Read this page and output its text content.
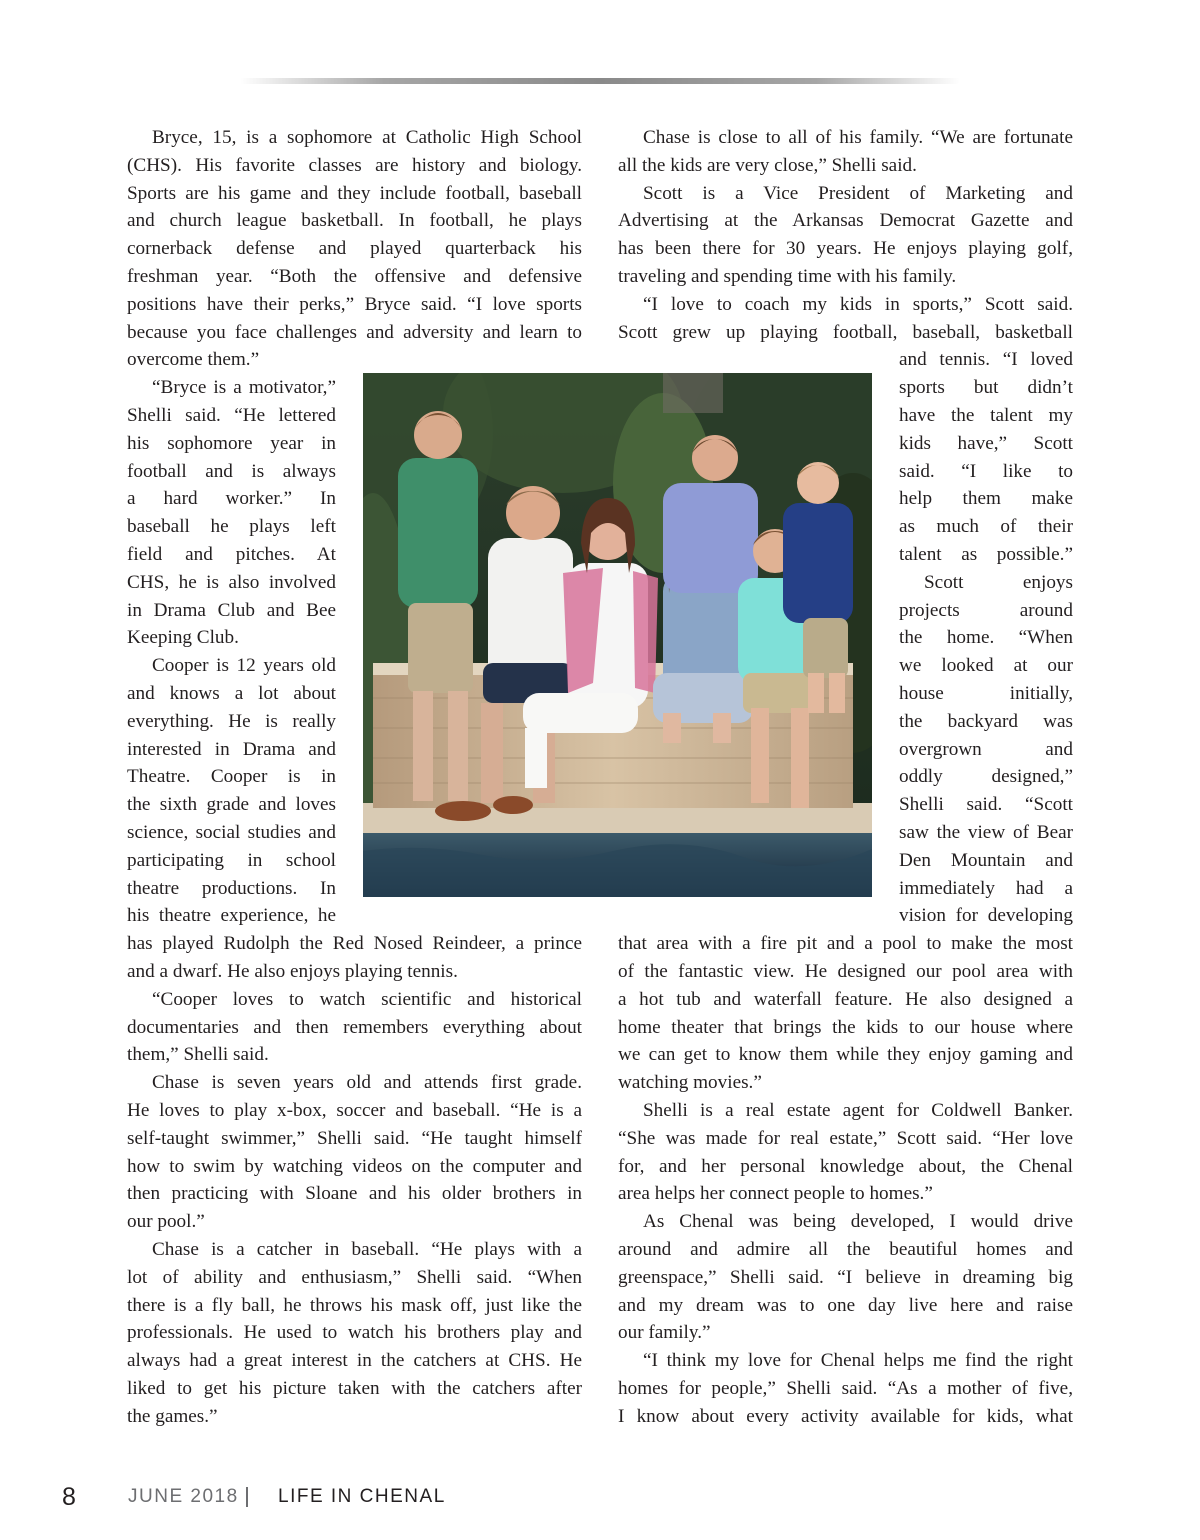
Bryce, 15, is a sophomore at Catholic High School
(CHS). His favorite classes are history and biology.
Sports are his game and they include football, baseball
and church league basketball. In football, he plays
cornerback defense and played quarterback his
freshman year. “Both the offensive and defensive
positions have their perks,” Bryce said. “I love sports
because you face challenges and adversity and learn to
overcome them.”
“Bryce is a motivator,”
Shelli said. “He lettered
his sophomore year in
football and is always
a hard worker.” In
baseball he plays left
field and pitches. At
CHS, he is also involved
in Drama Club and Bee
Keeping Club.
Cooper is 12 years old
and knows a lot about
everything. He is really
interested in Drama and
Theatre. Cooper is in
the sixth grade and loves
science, social studies and
participating in school
theatre productions. In
his theatre experience, he
has played Rudolph the Red Nosed Reindeer, a prince
and a dwarf. He also enjoys playing tennis.
“Cooper loves to watch scientific and historical
documentaries and then remembers everything about
them,” Shelli said.
Chase is seven years old and attends first grade.
He loves to play x-box, soccer and baseball. “He is a
self-taught swimmer,” Shelli said. “He taught himself
how to swim by watching videos on the computer and
then practicing with Sloane and his older brothers in
our pool.”
Chase is a catcher in baseball. “He plays with a
lot of ability and enthusiasm,” Shelli said. “When
there is a fly ball, he throws his mask off, just like the
professionals. He used to watch his brothers play and
always had a great interest in the catchers at CHS. He
liked to get his picture taken with the catchers after
the games.”
Chase is close to all of his family. “We are fortunate
all the kids are very close,” Shelli said.
Scott is a Vice President of Marketing and
Advertising at the Arkansas Democrat Gazette and
has been there for 30 years. He enjoys playing golf,
traveling and spending time with his family.
“I love to coach my kids in sports,” Scott said.
Scott grew up playing football, baseball, basketball
and tennis. “I loved
sports but didn’t
have the talent my
kids have,” Scott
said. “I like to
help them make
as much of their
talent as possible.”
Scott enjoys
projects around
the home. “When
we looked at our
house initially,
the backyard was
overgrown and
oddly designed,”
Shelli said. “Scott
saw the view of Bear
Den Mountain and
immediately had a
vision for developing
that area with a fire pit and a pool to make the most
of the fantastic view. He designed our pool area with
a hot tub and waterfall feature. He also designed a
home theater that brings the kids to our house where
we can get to know them while they enjoy gaming and
watching movies.”
Shelli is a real estate agent for Coldwell Banker.
“She was made for real estate,” Scott said. “Her love
for, and her personal knowledge about, the Chenal
area helps her connect people to homes.”
As Chenal was being developed, I would drive
around and admire all the beautiful homes and
greenspace,” Shelli said. “I believe in dreaming big
and my dream was to one day live here and raise
our family.”
“I think my love for Chenal helps me find the right
homes for people,” Shelli said. “As a mother of five,
I know about every activity available for kids, what
8	JUNE 2018 LIFE IN CHENAL
